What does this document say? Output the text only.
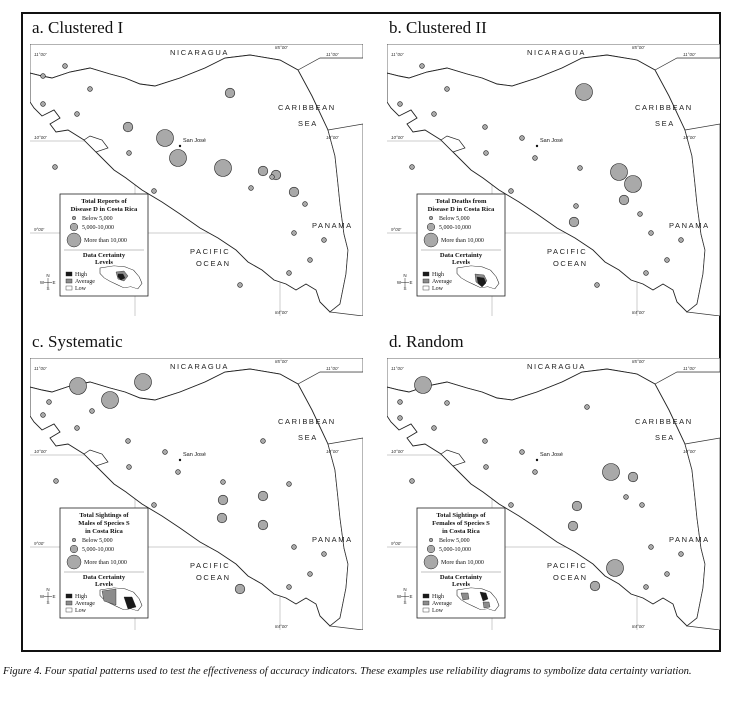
a. Clustered I
NICARAGUA
CARIBBEAN
SEA
PANAMA
PACIFIC
OCEAN
11°00'	11°00'
10°00'	10°00'
9°00'
85°00'
84°00'
San José
N
W E
S
Total Reports of
Disease D in Costa Rica
Below 5,000
5,000-10,000
More than 10,000
Data Certainty
Levels
High
Average
Low
b. Clustered II
NICARAGUA
CARIBBEAN
SEA
PANAMA
PACIFIC
OCEAN
11°00'	11°00'
10°00'	10°00'
9°00'
85°00'
84°00'
San José
N
W E
S
Total Deaths from
Disease D in Costa Rica
Below 5,000
5,000-10,000
More than 10,000
Data Certainty
Levels
High
Average
Low
c. Systematic
NICARAGUA
CARIBBEAN
SEA
PANAMA
PACIFIC
OCEAN
11°00'	11°00'
10°00'	10°00'
9°00'
85°00'
84°00'
San José
N
W E
S
Total Sightings of
Males of Species S
in Costa Rica
Below 5,000
5,000-10,000
More than 10,000
Data Certainty
Levels
High
Average
Low
d. Random
NICARAGUA
CARIBBEAN
SEA
PANAMA
PACIFIC
OCEAN
11°00'	11°00'
10°00'	10°00'
9°00'
85°00'
84°00'
San José
N
W E
S
Total Sightings of
Females of Species S
in Costa Rica
Below 5,000
5,000-10,000
More than 10,000
Data Certainty
Levels
High
Average
Low
Figure 4. Four spatial patterns used to test the effectiveness of accuracy indicators. These examples use reliability diagrams to symbolize data certainty variation.
